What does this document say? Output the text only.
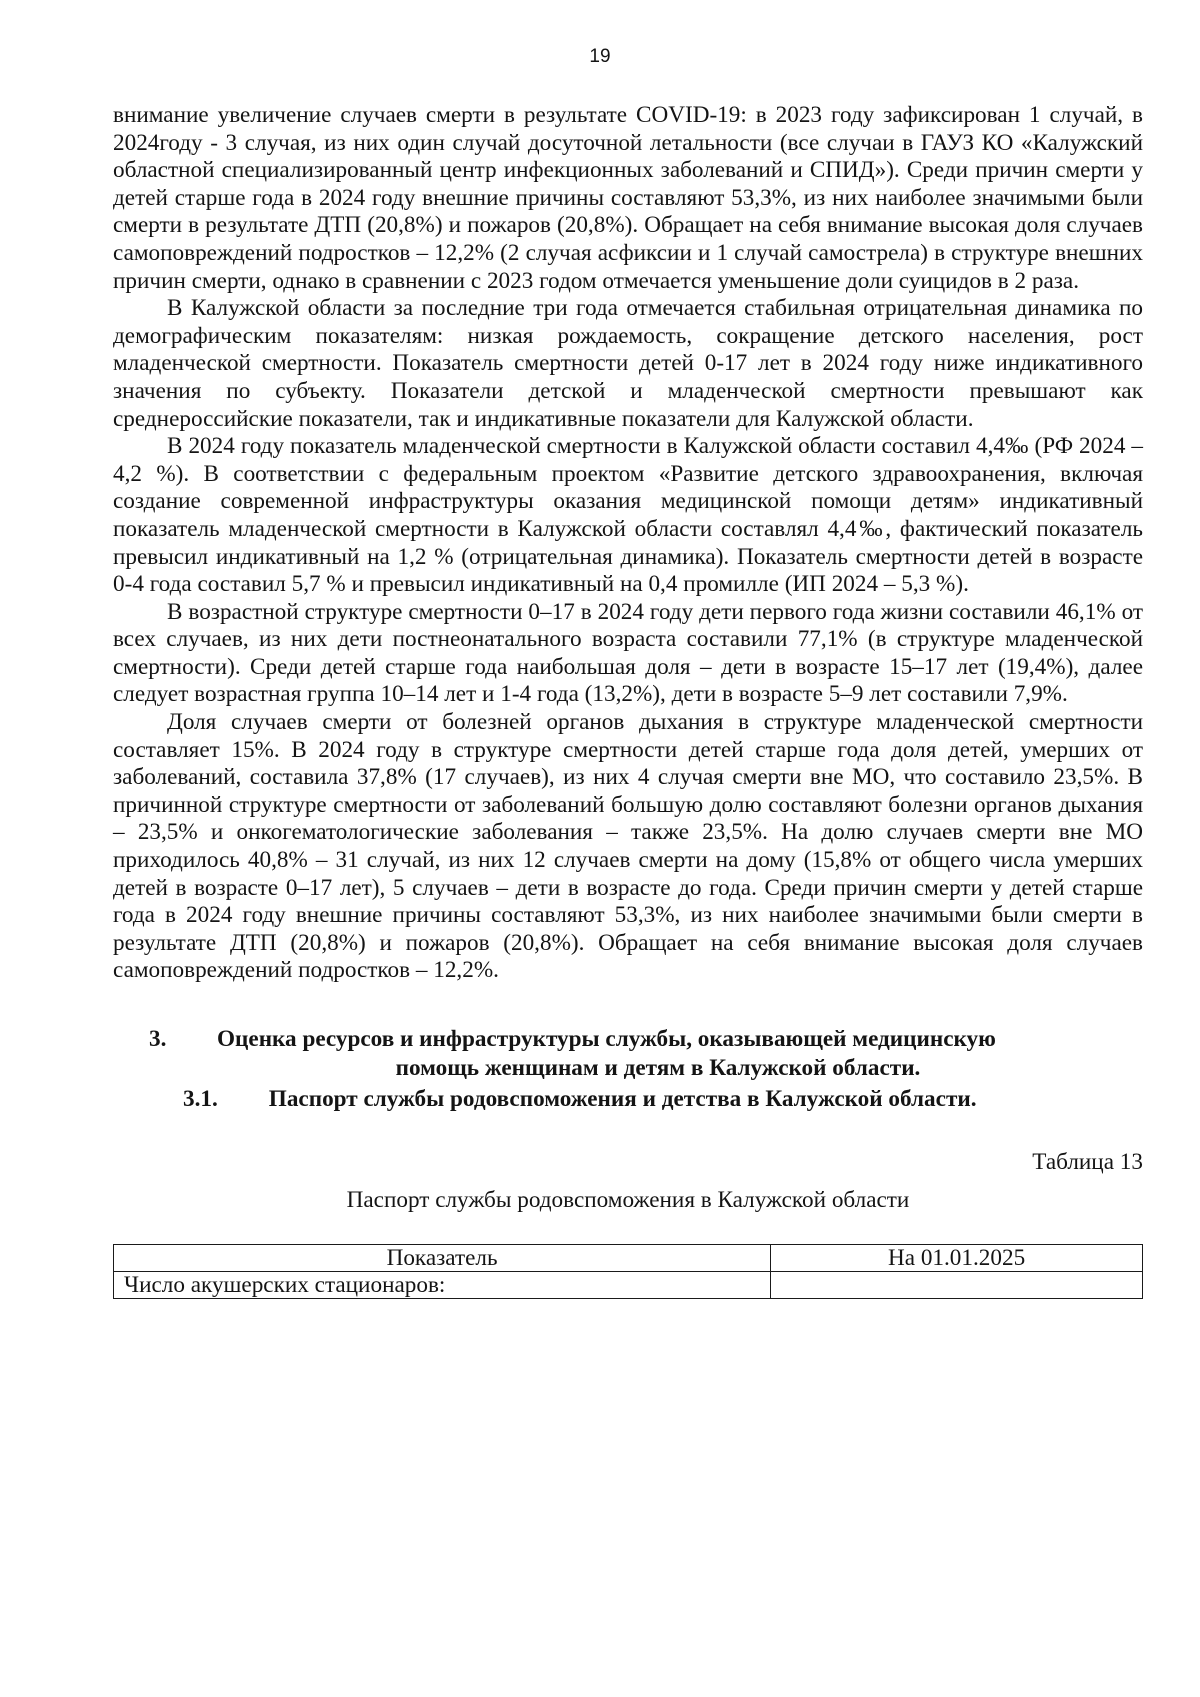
19

внимание увеличение случаев смерти в результате COVID-19: в 2023 году зафиксирован 1 случай, в 2024году - 3 случая, из них один случай досуточной летальности (все случаи в ГАУЗ КО «Калужский областной специализированный центр инфекционных заболеваний и СПИД»). Среди причин смерти у детей старше года в 2024 году внешние причины составляют 53,3%, из них наиболее значимыми были смерти в результате ДТП (20,8%) и пожаров (20,8%). Обращает на себя внимание высокая доля случаев самоповреждений подростков – 12,2% (2 случая асфиксии и 1 случай самострела) в структуре внешних причин смерти, однако в сравнении с 2023 годом отмечается уменьшение доли суицидов в 2 раза.

В Калужской области за последние три года отмечается стабильная отрицательная динамика по демографическим показателям: низкая рождаемость, сокращение детского населения, рост младенческой смертности. Показатель смертности детей 0-17 лет в 2024 году ниже индикативного значения по субъекту. Показатели детской и младенческой смертности превышают как среднероссийские показатели, так и индикативные показатели для Калужской области.

В 2024 году показатель младенческой смертности в Калужской области составил 4,4‰ (РФ 2024 – 4,2 %). В соответствии с федеральным проектом «Развитие детского здравоохранения, включая создание современной инфраструктуры оказания медицинской помощи детям» индикативный показатель младенческой смертности в Калужской области составлял 4,4‰, фактический показатель превысил индикативный на 1,2 % (отрицательная динамика). Показатель смертности детей в возрасте 0-4 года составил 5,7 % и превысил индикативный на 0,4 промилле (ИП 2024 – 5,3 %).

В возрастной структуре смертности 0–17 в 2024 году дети первого года жизни составили 46,1% от всех случаев, из них дети постнеонатального возраста составили 77,1% (в структуре младенческой смертности). Среди детей старше года наибольшая доля – дети в возрасте 15–17 лет (19,4%), далее следует возрастная группа 10–14 лет и 1-4 года (13,2%), дети в возрасте 5–9 лет составили 7,9%.

Доля случаев смерти от болезней органов дыхания в структуре младенческой смертности составляет 15%. В 2024 году в структуре смертности детей старше года доля детей, умерших от заболеваний, составила 37,8% (17 случаев), из них 4 случая смерти вне МО, что составило 23,5%. В причинной структуре смертности от заболеваний большую долю составляют болезни органов дыхания – 23,5% и онкогематологические заболевания – также 23,5%. На долю случаев смерти вне МО приходилось 40,8% – 31 случай, из них 12 случаев смерти на дому (15,8% от общего числа умерших детей в возрасте 0–17 лет), 5 случаев – дети в возрасте до года. Среди причин смерти у детей старше года в 2024 году внешние причины составляют 53,3%, из них наиболее значимыми были смерти в результате ДТП (20,8%) и пожаров (20,8%). Обращает на себя внимание высокая доля случаев самоповреждений подростков – 12,2%.

3.	Оценка ресурсов и инфраструктуры службы, оказывающей медицинскую
помощь женщинам и детям в Калужской области.
3.1. Паспорт службы родовспоможения и детства в Калужской области.
Таблица 13
Паспорт службы родовспоможения в Калужской области
Показатель	На 01.01.2025
Число акушерских стационаров:	
